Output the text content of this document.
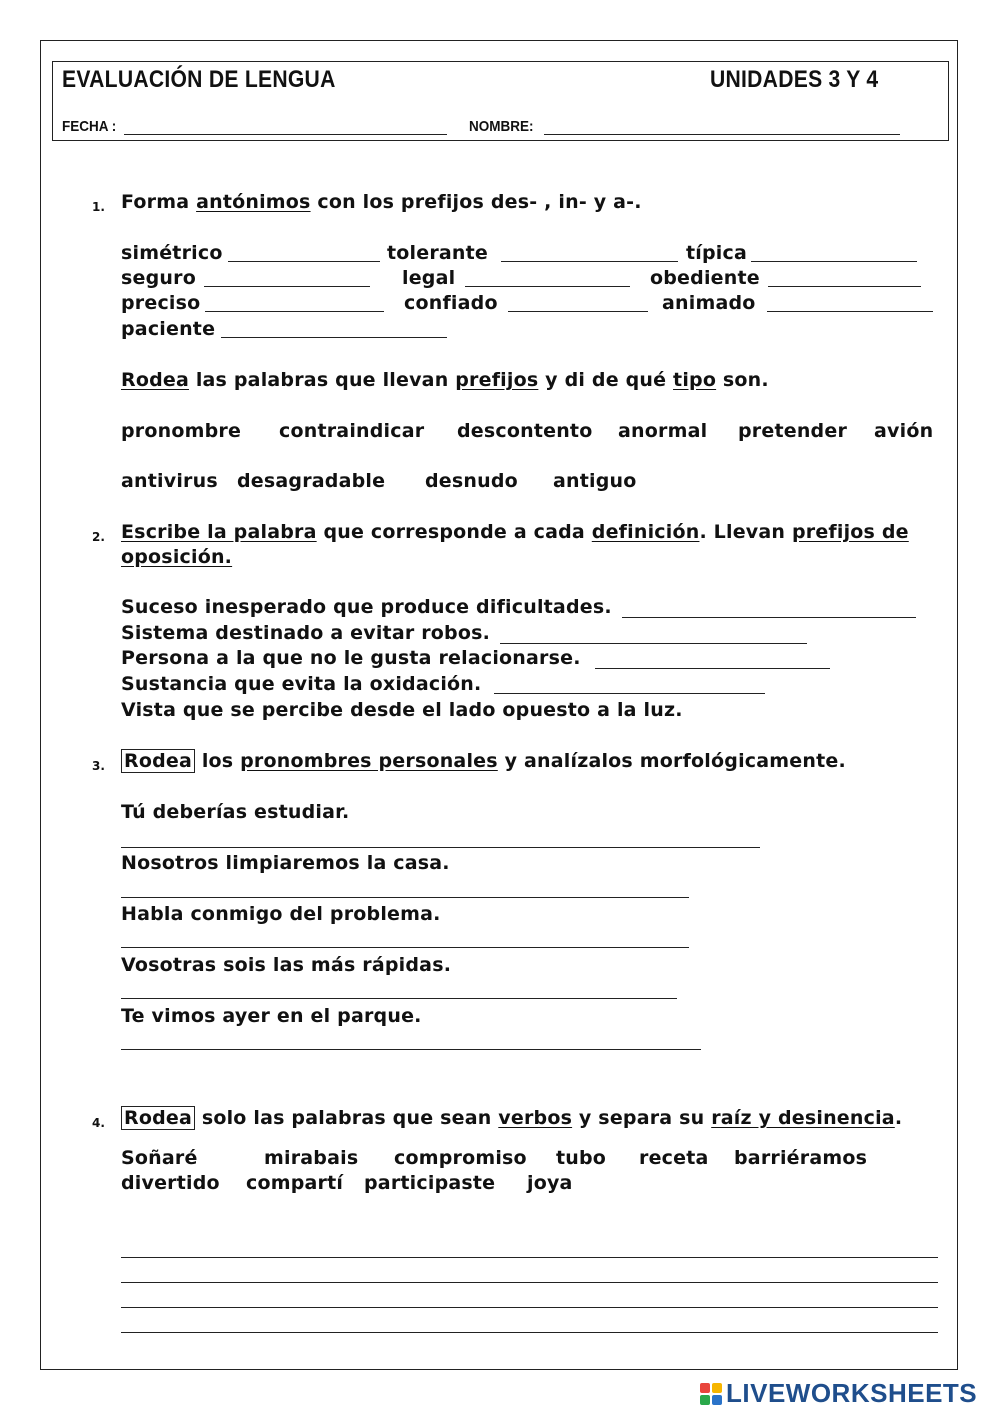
EVALUACIÓN DE LENGUA	UNIDADES 3 Y 4
FECHA :	NOMBRE:
1. Forma antónimos con los prefijos des- , in- y a-.
simétrico	tolerante	típica
seguro	legal	obediente
preciso	confiado	animado
paciente
Rodea las palabras que llevan prefijos y di de qué tipo son.
pronombre contraindicar descontento anormal pretender avión
antivirus desagradable desnudo antiguo
2. Escribe la palabra que corresponde a cada definición. Llevan prefijos de
oposición.
Suceso inesperado que produce dificultades.
Sistema destinado a evitar robos.
Persona a la que no le gusta relacionarse.
Sustancia que evita la oxidación.
Vista que se percibe desde el lado opuesto a la luz.
3. Rodea los pronombres personales y analízalos morfológicamente.
Tú deberías estudiar.
Nosotros limpiaremos la casa.
Habla conmigo del problema.
Vosotras sois las más rápidas.
Te vimos ayer en el parque.
4. Rodea solo las palabras que sean verbos y separa su raíz y desinencia.
Soñaré	mirabais compromiso tubo receta barriéramos
divertido compartí participaste joya
LIVEWORKSHEETS
